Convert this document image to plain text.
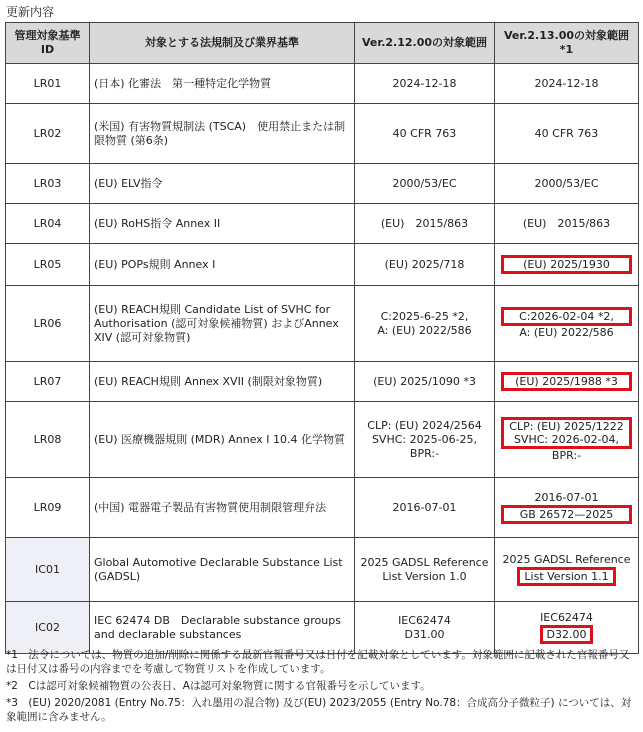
更新内容
管理対象基準
ID	対象とする法規制及び業界基準	Ver.2.12.00の対象範囲	Ver.2.13.00の対象範囲
*1

LR01	(日本) 化審法　第一種特定化学物質	2024-12-18	2024-12-18

LR02	(米国) 有害物質規制法 (TSCA)　使用禁止または制限物質 (第6条)	40 CFR 763	40 CFR 763

LR03	(EU) ELV指令	2000/53/EC	2000/53/EC

LR04	(EU) RoHS指令 Annex II	(EU)　2015/863	(EU)　2015/863

LR05	(EU) POPs規則 Annex I	(EU) 2025/718	(EU) 2025/1930

LR06	(EU) REACH規則 Candidate List of SVHC for Authorisation (認可対象候補物質) およびAnnex XIV (認可対象物質)	C:2025-6-25 *2,
A: (EU) 2022/586	C:2026-02-04 *2,
A: (EU) 2022/586

LR07	(EU) REACH規則 Annex XVII (制限対象物質)	(EU) 2025/1090 *3	(EU) 2025/1988 *3

LR08	(EU) 医療機器規則 (MDR) Annex I 10.4 化学物質	CLP: (EU) 2024/2564
SVHC: 2025-06-25,
BPR:-	CLP: (EU) 2025/1222
SVHC: 2026-02-04,
BPR:-

LR09	(中国) 電器電子製品有害物質使用制限管理弁法	2016-07-01	2016-07-01
GB 26572—2025

IC01	Global Automotive Declarable Substance List (GADSL)	2025 GADSL Reference
List Version 1.0	2025 GADSL Reference
List Version 1.1
IC02	IEC 62474 DB　Declarable substance groups and declarable substances	IEC62474
D31.00	IEC62474
D32.00

*1　法令については、物質の追加/削除に関係する最新官報番号又は日付を記載対象としています。対象範囲に記載された官報番号又は日付又は番号の内容までを考慮して物質リストを作成しています。

*2　Cは認可対象候補物質の公表日、Aは認可対象物質に関する官報番号を示しています。

*3　(EU) 2020/2081 (Entry No.75：入れ墨用の混合物) 及び(EU) 2023/2055 (Entry No.78：合成高分子微粒子) については、対象範囲に含みません。
